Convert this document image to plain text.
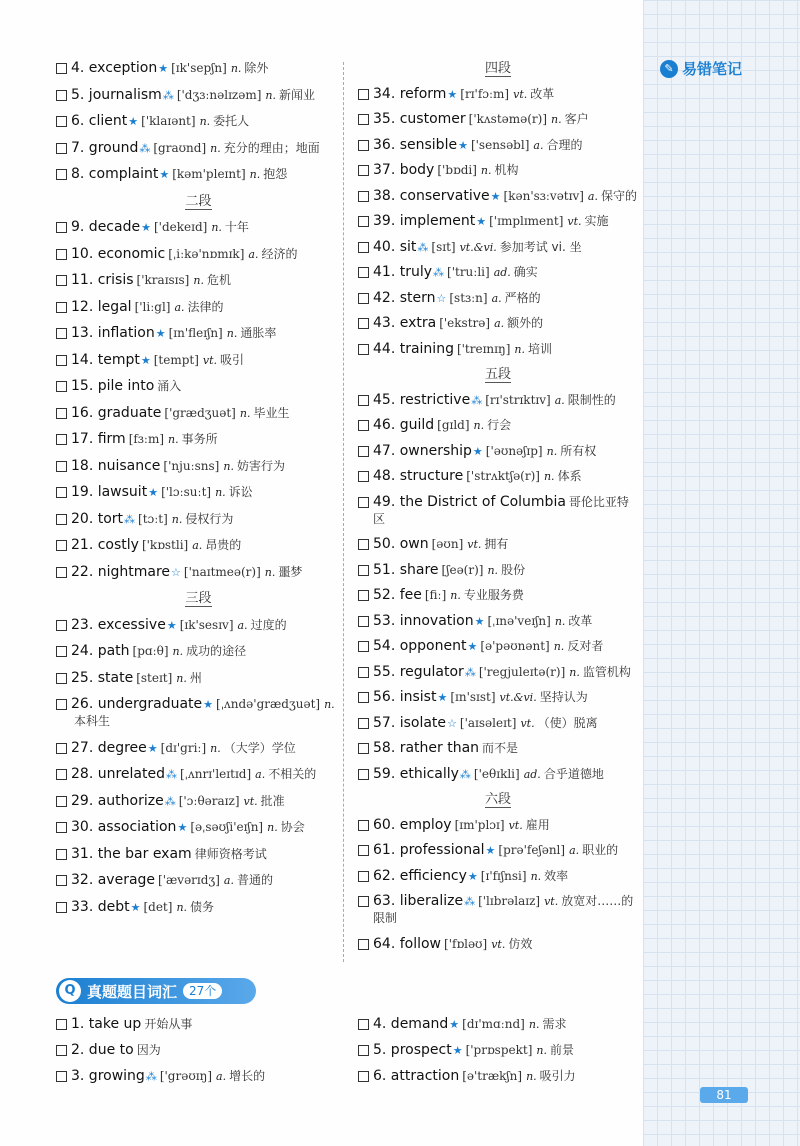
✎ 易错笔记
4. exception★ [ɪk'sepʃn] n. 除外
5. journalism⁂ ['dʒɜːnəlɪzəm] n. 新闻业
6. client★ ['klaɪənt] n. 委托人
7. ground⁂ [graʊnd] n. 充分的理由；地面
8. complaint★ [kəm'pleɪnt] n. 抱怨
二段
9. decade★ ['dekeɪd] n. 十年
10. economic [ˌiːkə'nɒmɪk] a. 经济的
11. crisis ['kraɪsɪs] n. 危机
12. legal ['liːgl] a. 法律的
13. inflation★ [ɪn'fleɪʃn] n. 通胀率
14. tempt★ [tempt] vt. 吸引
15. pile into 涌入
16. graduate ['grædʒuət] n. 毕业生
17. firm [fɜːm] n. 事务所
18. nuisance ['njuːsns] n. 妨害行为
19. lawsuit★ ['lɔːsuːt] n. 诉讼
20. tort⁂ [tɔːt] n. 侵权行为
21. costly ['kɒstli] a. 昂贵的
22. nightmare☆ ['naɪtmeə(r)] n. 噩梦
三段
23. excessive★ [ɪk'sesɪv] a. 过度的
24. path [pɑːθ] n. 成功的途径
25. state [steɪt] n. 州
26. undergraduate★ [ˌʌndə'grædʒuət] n.本科生
27. degree★ [dɪ'griː] n. （大学）学位
28. unrelated⁂ [ˌʌnrɪ'leɪtɪd] a. 不相关的
29. authorize⁂ ['ɔːθəraɪz] vt. 批准
30. association★ [əˌsəʊʃi'eɪʃn] n. 协会
31. the bar exam 律师资格考试
32. average ['ævərɪdʒ] a. 普通的
33. debt★ [det] n. 债务
四段
34. reform★ [rɪ'fɔːm] vt. 改革
35. customer ['kʌstəmə(r)] n. 客户
36. sensible★ ['sensəbl] a. 合理的
37. body ['bɒdi] n. 机构
38. conservative★ [kən'sɜːvətɪv] a. 保守的
39. implement★ ['ɪmplɪment] vt. 实施
40. sit⁂ [sɪt] vt.&vi. 参加考试 vi. 坐
41. truly⁂ ['truːli] ad. 确实
42. stern☆ [stɜːn] a. 严格的
43. extra ['ekstrə] a. 额外的
44. training ['treɪnɪŋ] n. 培训
五段
45. restrictive⁂ [rɪ'strɪktɪv] a. 限制性的
46. guild [gɪld] n. 行会
47. ownership★ ['əʊnəʃɪp] n. 所有权
48. structure ['strʌktʃə(r)] n. 体系
49. the District of Columbia 哥伦比亚特区
50. own [əʊn] vt. 拥有
51. share [ʃeə(r)] n. 股份
52. fee [fiː] n. 专业服务费
53. innovation★ [ˌɪnə'veɪʃn] n. 改革
54. opponent★ [ə'pəʊnənt] n. 反对者
55. regulator⁂ ['regjuleɪtə(r)] n. 监管机构
56. insist★ [ɪn'sɪst] vt.&vi. 坚持认为
57. isolate☆ ['aɪsəleɪt] vt. （使）脱离
58. rather than 而不是
59. ethically⁂ ['eθɪkli] ad. 合乎道德地
六段
60. employ [ɪm'plɔɪ] vt. 雇用
61. professional★ [prə'feʃənl] a. 职业的
62. efficiency★ [ɪ'fɪʃnsi] n. 效率
63. liberalize⁂ ['lɪbrəlaɪz] vt. 放宽对……的限制
64. follow ['fɒləʊ] vt. 仿效
Q 真题题目词汇	27个
1. take up 开始从事
2. due to 因为
3. growing⁂ ['grəʊɪŋ] a. 增长的
4. demand★ [dɪ'mɑːnd] n. 需求
5. prospect★ ['prɒspekt] n. 前景
6. attraction [ə'trækʃn] n. 吸引力
81
